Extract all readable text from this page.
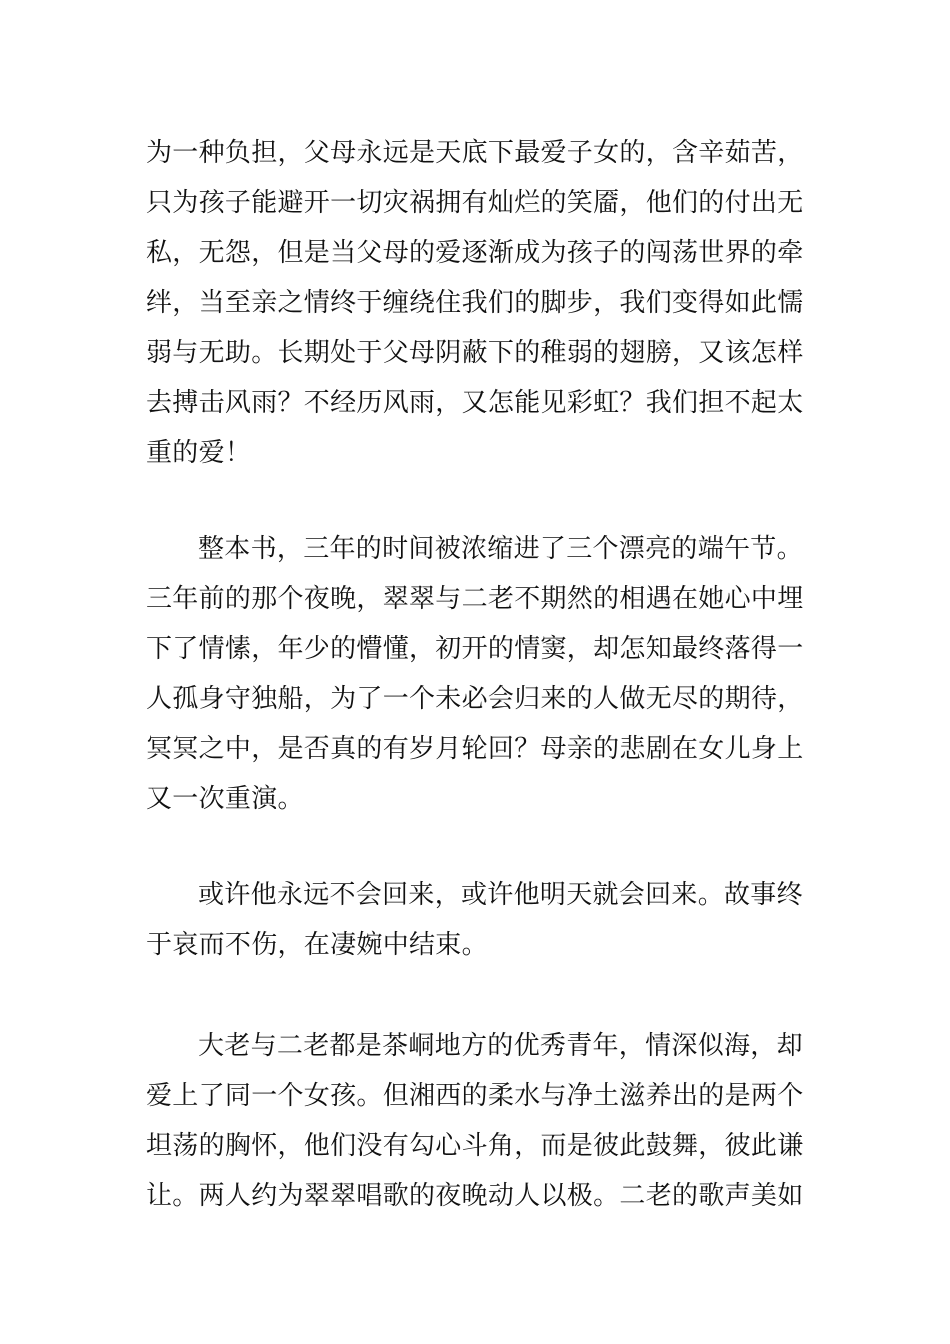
为一种负担，父母永远是天底下最爱子女的，含辛茹苦，
只为孩子能避开一切灾祸拥有灿烂的笑靥，他们的付出无
私，无怨，但是当父母的爱逐渐成为孩子的闯荡世界的牵
绊，当至亲之情终于缠绕住我们的脚步，我们变得如此懦
弱与无助。长期处于父母阴蔽下的稚弱的翅膀，又该怎样
去搏击风雨？不经历风雨，又怎能见彩虹？我们担不起太
重的爱！
整本书，三年的时间被浓缩进了三个漂亮的端午节。
三年前的那个夜晚，翠翠与二老不期然的相遇在她心中埋
下了情愫，年少的懵懂，初开的情窦，却怎知最终落得一
人孤身守独船，为了一个未必会归来的人做无尽的期待，
冥冥之中，是否真的有岁月轮回？母亲的悲剧在女儿身上
又一次重演。
或许他永远不会回来，或许他明天就会回来。故事终
于哀而不伤，在凄婉中结束。
大老与二老都是茶峒地方的优秀青年，情深似海，却
爱上了同一个女孩。但湘西的柔水与净土滋养出的是两个
坦荡的胸怀，他们没有勾心斗角，而是彼此鼓舞，彼此谦
让。两人约为翠翠唱歌的夜晚动人以极。二老的歌声美如
